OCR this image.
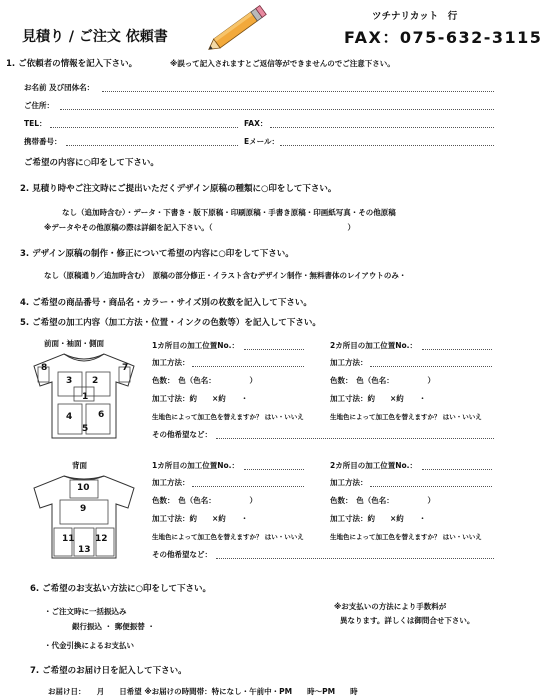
見積り / ご注文 依頼書
ツチナリカット　行
FAX：075-632-3115
1. ご依頼者の情報を記入下さい。	※誤って記入されますとご返信等ができませんのでご注意下さい。
お名前 及び団体名：
ご住所：
TEL：	FAX：
携帯番号：	Eメール：
ご希望の内容に○印をして下さい。
2. 見積り時やご注文時にご提出いただくデザイン原稿の種類に○印をして下さい。
なし（追加時含む）・データ・下書き・版下原稿・印刷原稿・手書き原稿・印画紙写真・その他原稿
※データやその他原稿の際は詳細を記入下さい。（　　　　　　　　　　　　　　　　　　）
3. デザイン原稿の制作・修正について希望の内容に○印をして下さい。
なし（原稿通り／追加時含む）　原稿の部分修正・イラスト含むデザイン制作・無料書体のレイアウトのみ・
4. ご希望の商品番号・商品名・カラー・サイズ別の枚数を記入して下さい。
5. ご希望の加工内容（加工方法・位置・インクの色数等）を記入して下さい。
前面・袖面・側面
8	7
3 2
1
4	6
5
1カ所目の加工位置No.：
加工方法：
色数：　色（色名：　　　　　）
加工寸法：約　　×約　　・
生地色によって加工色を替えますか？ はい・いいえ
その他希望など：
2カ所目の加工位置No.：
加工方法：
色数：　色（色名：　　　　　）
加工寸法：約　　×約　　・
生地色によって加工色を替えますか？ はい・いいえ
背面
10
9
11 12
13
1カ所目の加工位置No.：
加工方法：
色数：　色（色名：　　　　　）
加工寸法：約　　×約　　・
生地色によって加工色を替えますか？ はい・いいえ
その他希望など：
2カ所目の加工位置No.：
加工方法：
色数：　色（色名：　　　　　）
加工寸法：約　　×約　　・
生地色によって加工色を替えますか？ はい・いいえ
6. ご希望のお支払い方法に○印をして下さい。
・ご注文時に一括振込み
銀行振込 ・ 郵便振替 ・
・代金引換によるお支払い
※お支払いの方法により手数料が
異なります。詳しくは御問合せ下さい。
7. ご希望のお届け日を記入して下さい。
お届け日：　　月　　日希望 ※お届けの時間帯：特になし・午前中・PM　　時～PM　　時
